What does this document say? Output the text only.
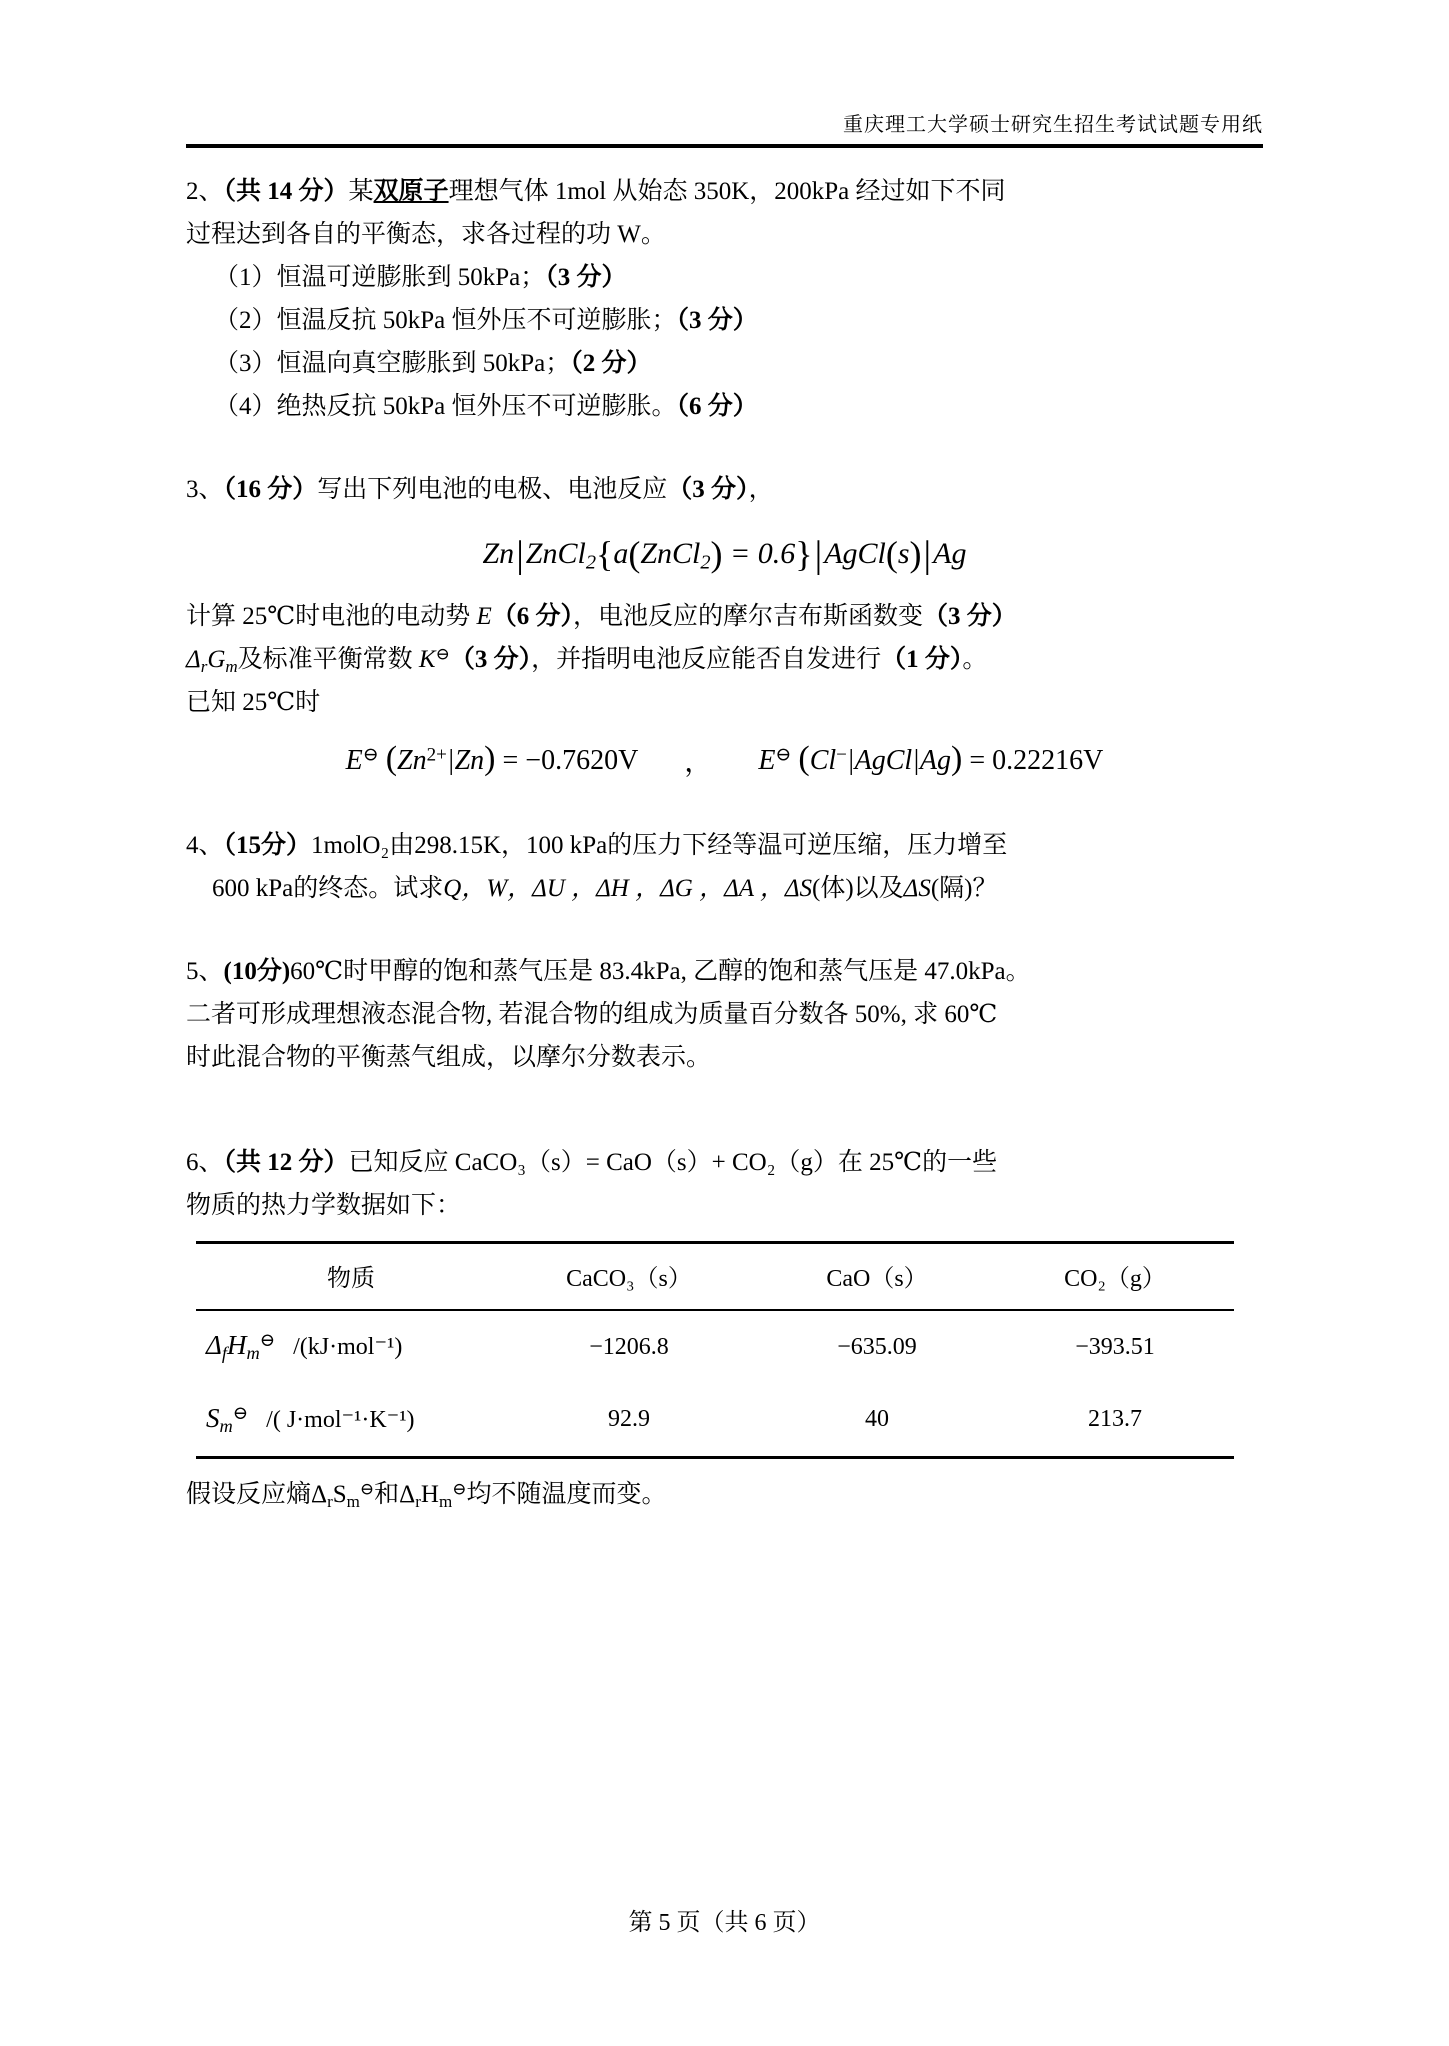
重庆理工大学硕士研究生招生考试试题专用纸

2、（共 14 分）某双原子理想气体 1mol 从始态 350K，200kPa 经过如下不同

过程达到各自的平衡态，求各过程的功 W。

（1）恒温可逆膨胀到 50kPa；（3 分）

（2）恒温反抗 50kPa 恒外压不可逆膨胀；（3 分）

（3）恒温向真空膨胀到 50kPa；（2 分）

（4）绝热反抗 50kPa 恒外压不可逆膨胀。（6 分）

3、（16 分）写出下列电池的电极、电池反应（3 分），

Zn|ZnCl$_2${a(ZnCl$_2$) = 0.6}|AgCl(s)|Ag

计算 25℃时电池的电动势 E（6 分），电池反应的摩尔吉布斯函数变（3 分）

$\Delta_rG_m$及标准平衡常数 K⊖（3 分），并指明电池反应能否自发进行（1 分）。

已知 25℃时

E⊖ $(Zn^{2+}|Zn) = -0.7620V$ ， E⊖ (Cl−|AgCl|Ag) = 0.22216V

4、（15分）1molO₂由298.15K，100 kPa的压力下经等温可逆压缩，压力增至

600 kPa的终态。试求Q，W，ΔU ，ΔH ，ΔG ，ΔA ，ΔS(体)以及ΔS(隔)？

5、(10分)60℃时甲醇的饱和蒸气压是 83.4kPa, 乙醇的饱和蒸气压是 47.0kPa。

二者可形成理想液态混合物, 若混合物的组成为质量百分数各 50%, 求 60℃

时此混合物的平衡蒸气组成，以摩尔分数表示。

6、（共 12 分）已知反应 CaCO₃（s）= CaO（s）+ CO₂（g）在 25℃的一些

物质的热力学数据如下：

物质	CaCO₃（s）	CaO（s）	CO₂（g）
$\Delta_fH_m^⊖$ /(kJ·mol⁻¹)	−1206.8	−635.09	−393.51
$S_m^⊖$ /( J·mol⁻¹·K⁻¹)	92.9	40	213.7

假设反应熵$\Delta_rS_m^⊖$和$\Delta_rH_m^⊖$均不随温度而变。

第 5 页（共 6 页）
